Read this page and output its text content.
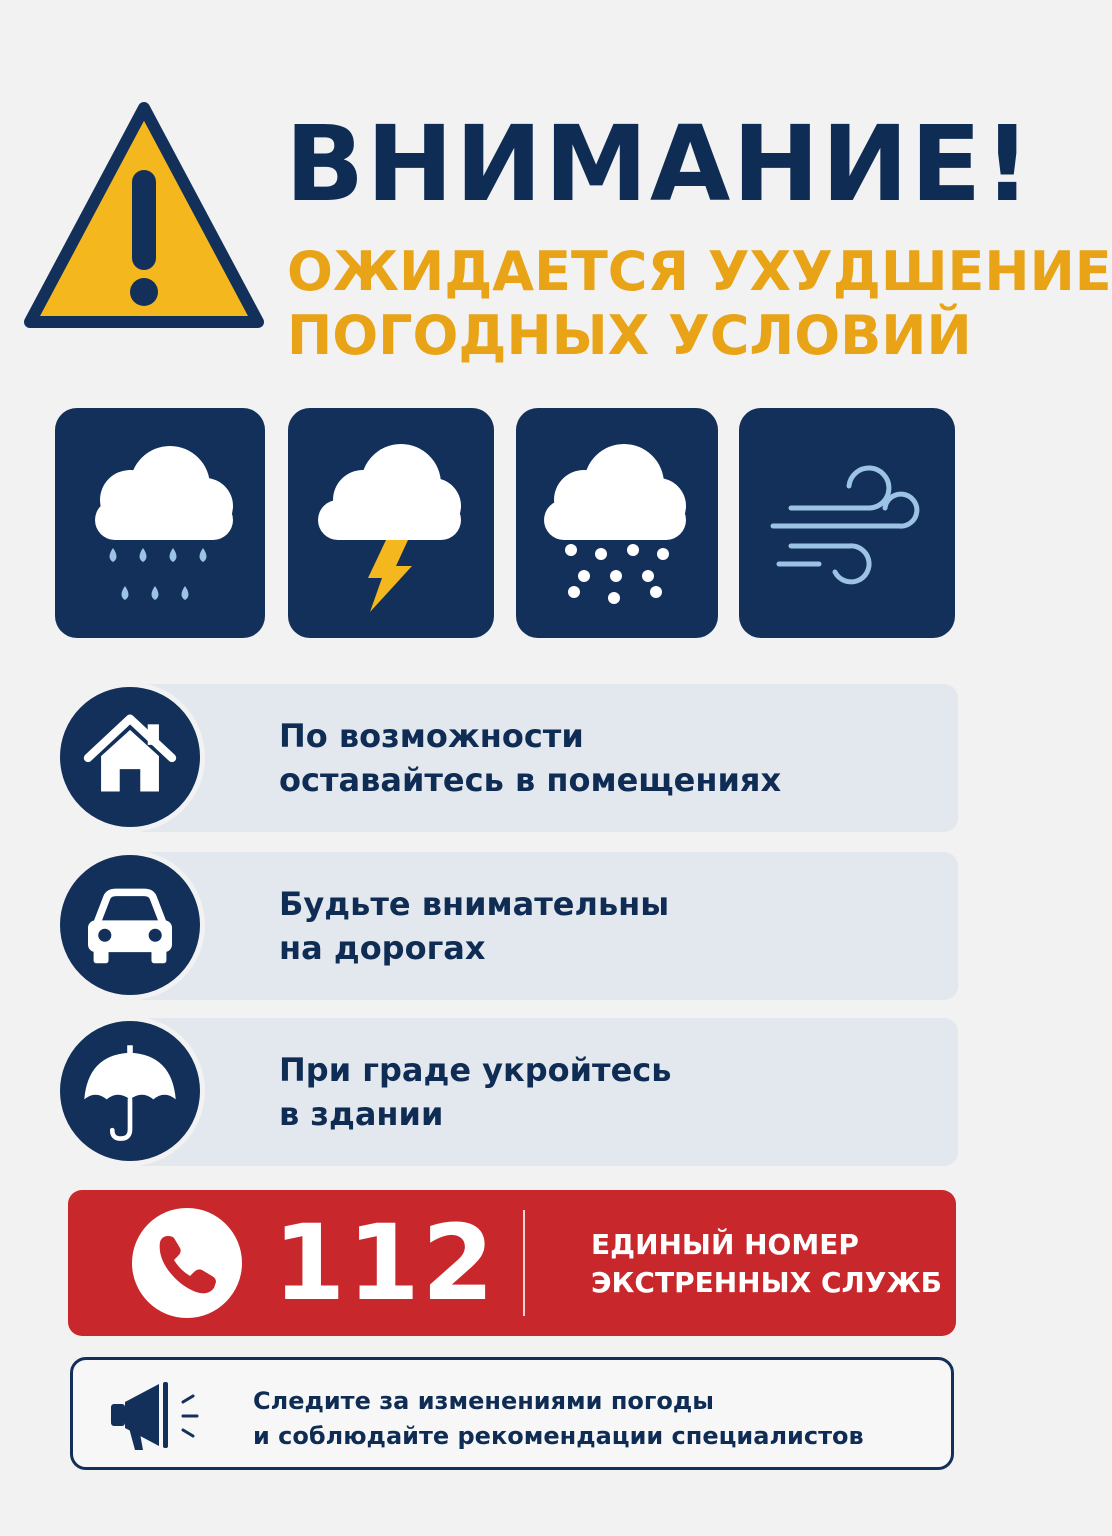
ВНИМАНИЕ!
ОЖИДАЕТСЯ УХУДШЕНИЕ
ПОГОДНЫХ УСЛОВИЙ
По возможности
оставайтесь в помещениях
Будьте внимательны
на дорогах
При граде укройтесь
в здании
112	ЕДИНЫЙ НОМЕР
ЭКСТРЕННЫХ СЛУЖБ
Следите за изменениями погоды
и соблюдайте рекомендации специалистов
